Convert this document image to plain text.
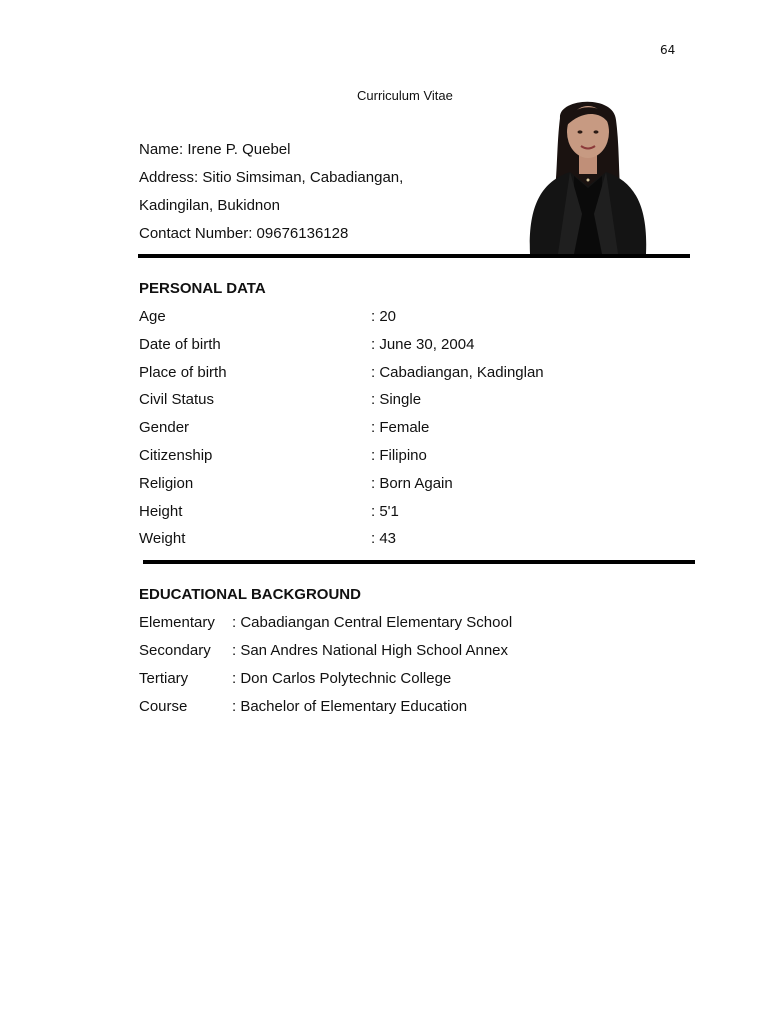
64
Curriculum Vitae
Name: Irene P. Quebel
Address: Sitio Simsiman, Cabadiangan,
Kadingilan, Bukidnon
Contact Number: 09676136128
PERSONAL DATA
Age	: 20
Date of birth	: June 30, 2004
Place of birth	: Cabadiangan, Kadinglan
Civil Status	: Single
Gender	: Female
Citizenship	: Filipino
Religion	: Born Again
Height	: 5'1
Weight	: 43
EDUCATIONAL BACKGROUND
Elementary : Cabadiangan Central Elementary School
Secondary : San Andres National High School Annex
Tertiary	: Don Carlos Polytechnic College
Course	: Bachelor of Elementary Education
